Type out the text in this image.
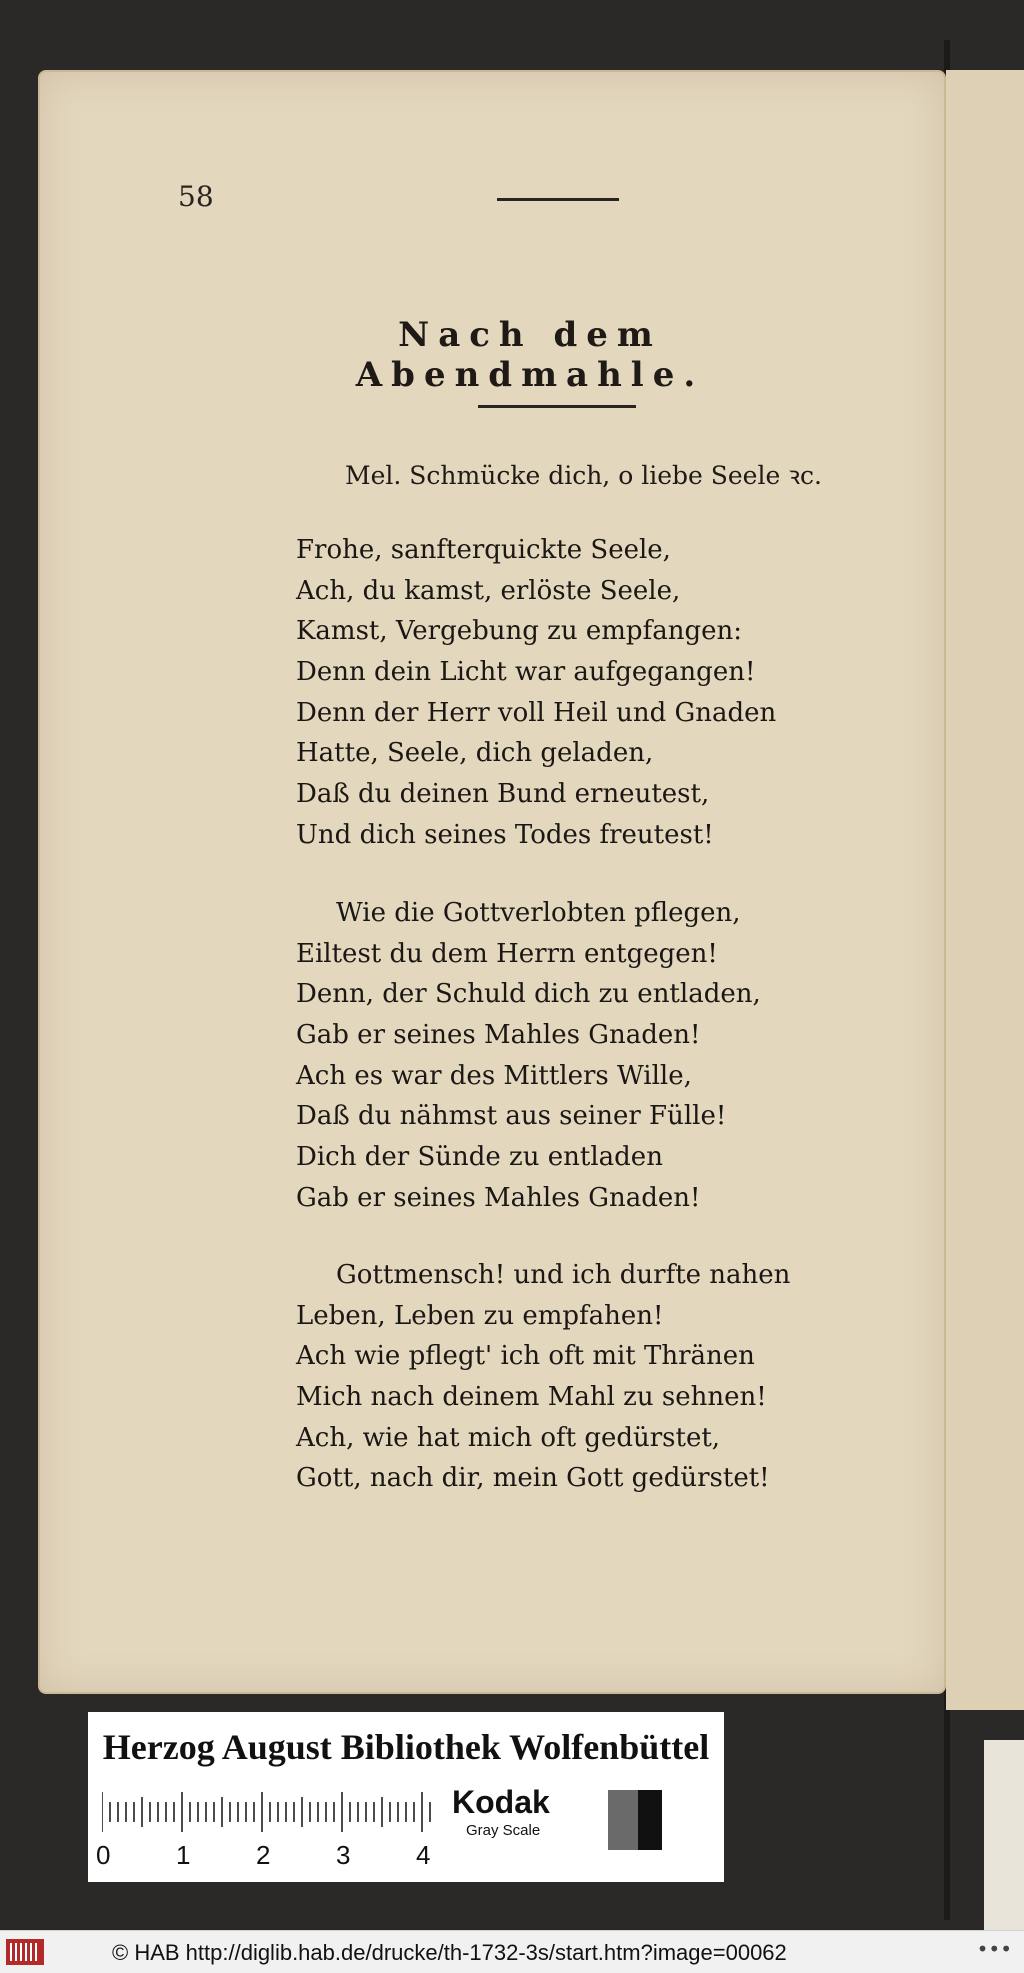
58
Nach dem Abendmahle.
Mel. Schmücke dich, o liebe Seele ꝛc.
Frohe, sanfterquickte Seele,
Ach, du kamst, erlöste Seele,
Kamst, Vergebung zu empfangen:
Denn dein Licht war aufgegangen!
Denn der Herr voll Heil und Gnaden
Hatte, Seele, dich geladen,
Daß du deinen Bund erneutest,
Und dich seines Todes freutest!
Wie die Gottverlobten pflegen,
Eiltest du dem Herrn entgegen!
Denn, der Schuld dich zu entladen,
Gab er seines Mahles Gnaden!
Ach es war des Mittlers Wille,
Daß du nähmst aus seiner Fülle!
Dich der Sünde zu entladen
Gab er seines Mahles Gnaden!
Gottmensch! und ich durfte nahen
Leben, Leben zu empfahen!
Ach wie pflegt' ich oft mit Thränen
Mich nach deinem Mahl zu sehnen!
Ach, wie hat mich oft gedürstet,
Gott, nach dir, mein Gott gedürstet!
Herzog August Bibliothek Wolfenbüttel
0	1	2	3	4
Kodak
Gray Scale
© HAB http://diglib.hab.de/drucke/th-1732-3s/start.htm?image=00062	•••
